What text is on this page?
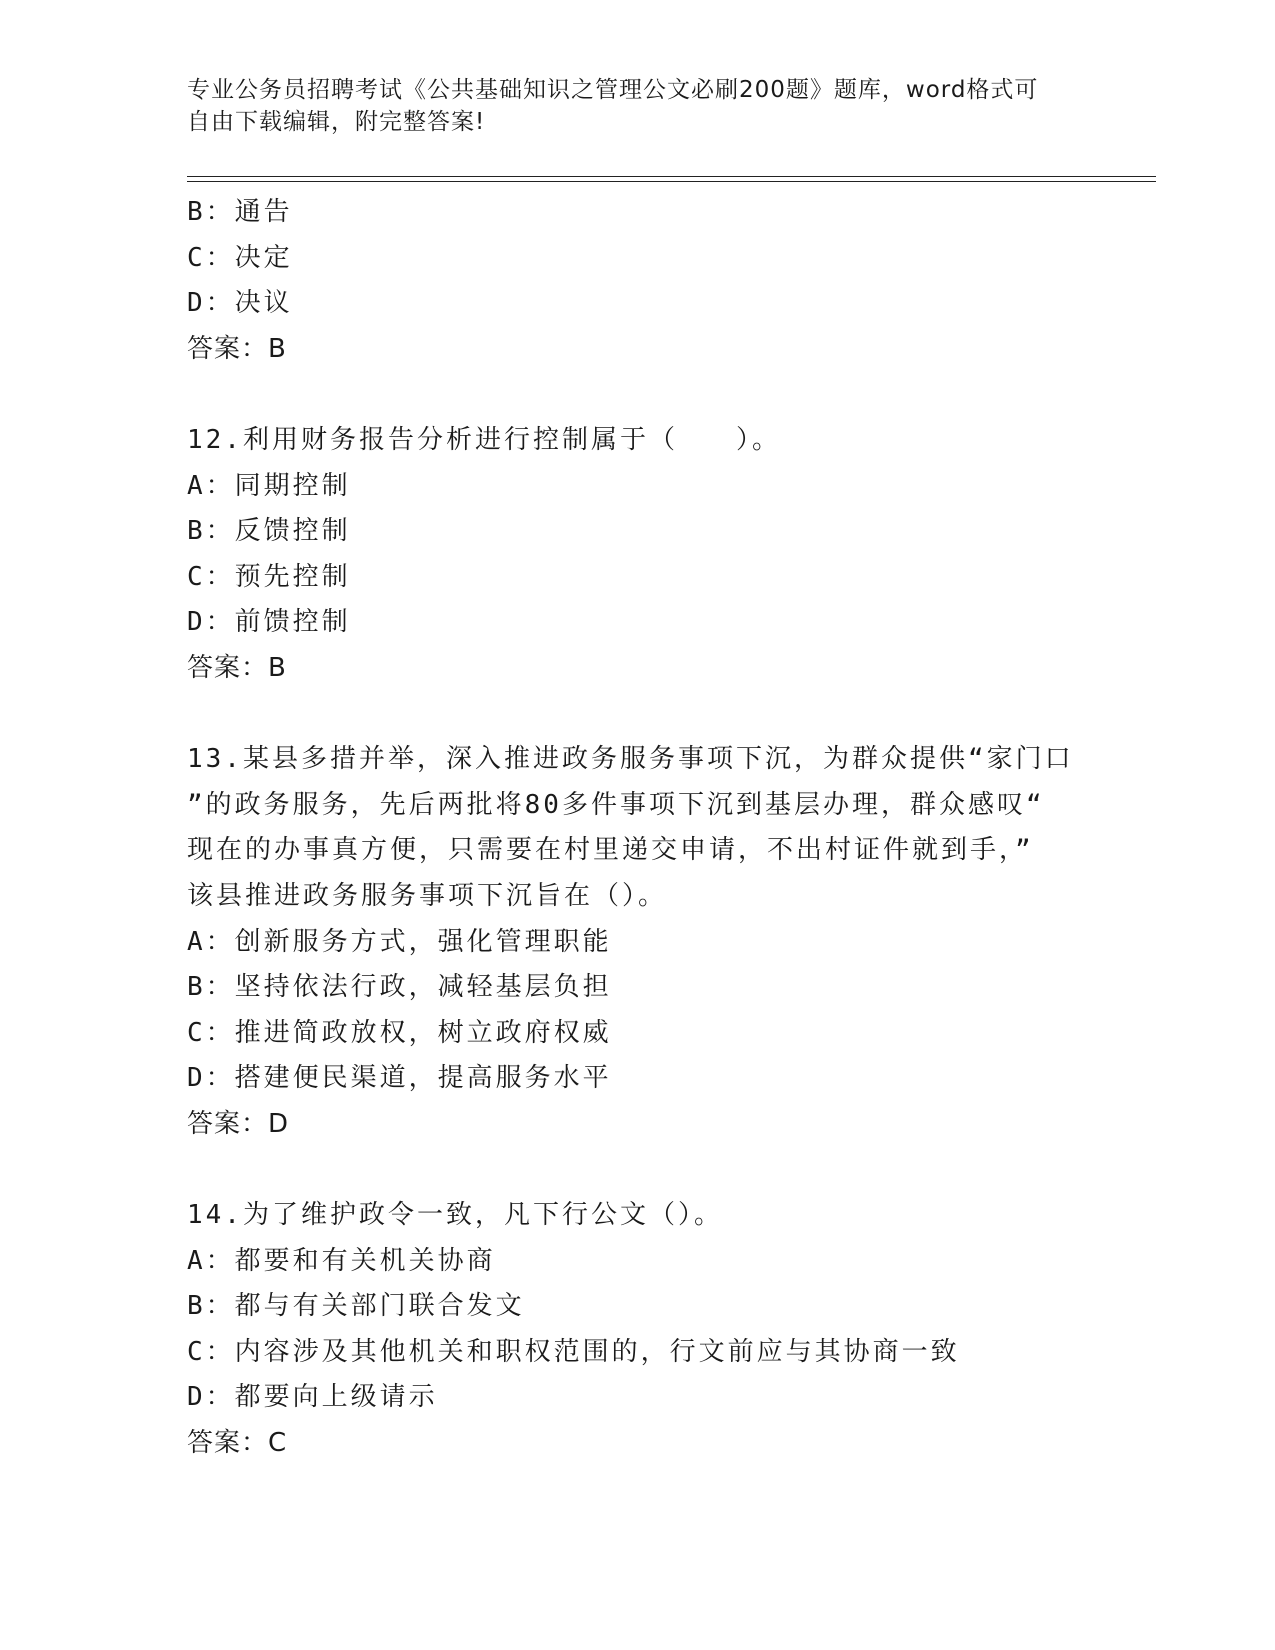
专业公务员招聘考试《公共基础知识之管理公文必刷200题》题库，word格式可
自由下载编辑，附完整答案!
B：通告
C：决定
D：决议
答案：B
12.利用财务报告分析进行控制属于（　　）。
A：同期控制
B：反馈控制
C：预先控制
D：前馈控制
答案：B
13.某县多措并举，深入推进政务服务事项下沉，为群众提供“家门口
”的政务服务，先后两批将80多件事项下沉到基层办理，群众感叹“
现在的办事真方便，只需要在村里递交申请，不出村证件就到手，”
该县推进政务服务事项下沉旨在（）。
A：创新服务方式，强化管理职能
B：坚持依法行政，减轻基层负担
C：推进简政放权，树立政府权威
D：搭建便民渠道，提高服务水平
答案：D
14.为了维护政令一致，凡下行公文（）。
A：都要和有关机关协商
B：都与有关部门联合发文
C：内容涉及其他机关和职权范围的，行文前应与其协商一致
D：都要向上级请示
答案：C
